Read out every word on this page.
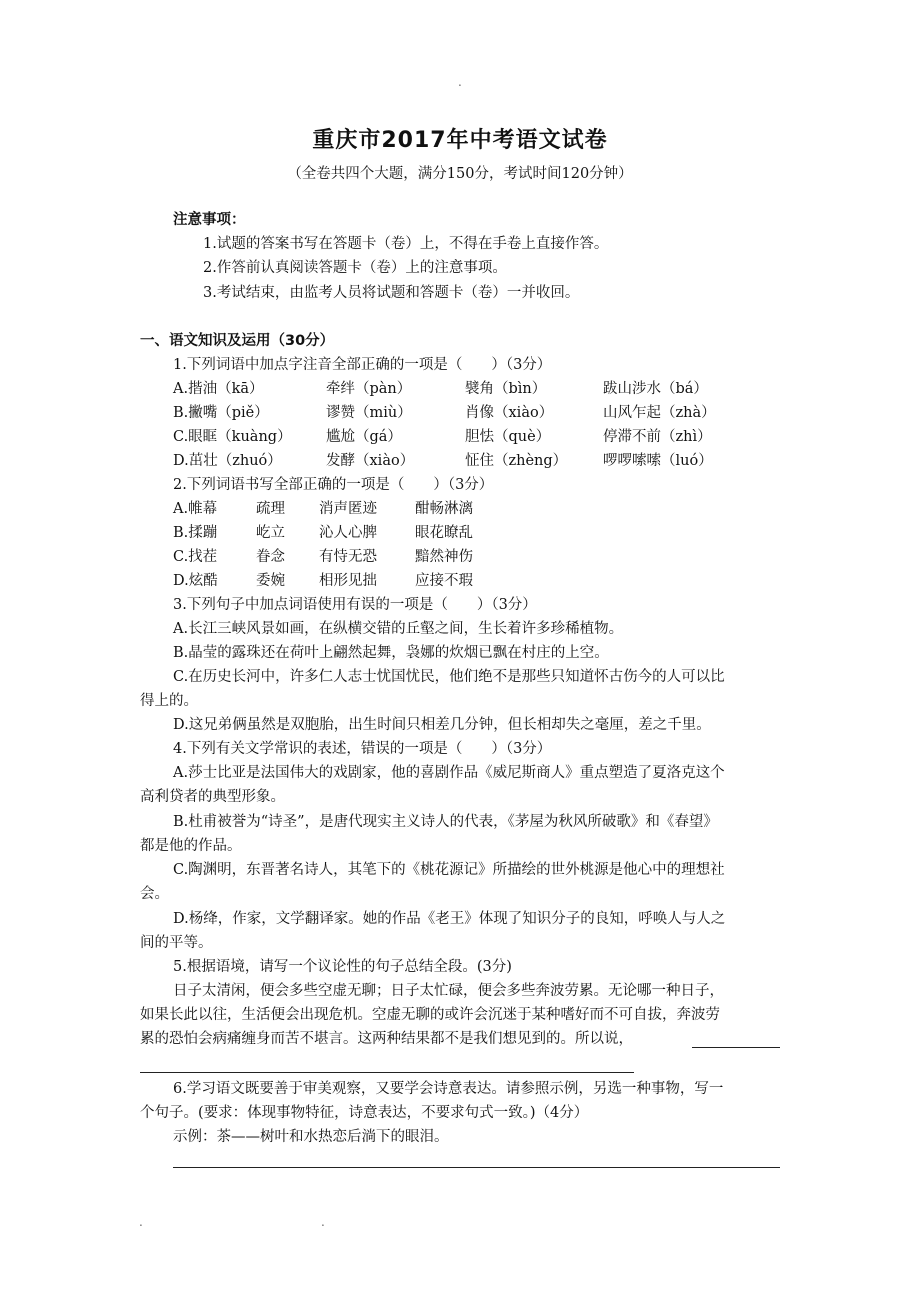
.
重庆市2017年中考语文试卷
（全卷共四个大题，满分150分，考试时间120分钟）
注意事项：
1.试题的答案书写在答题卡（卷）上，不得在手卷上直接作答。
2.作答前认真阅读答题卡（卷）上的注意事项。
3.考试结束，由监考人员将试题和答题卡（卷）一并收回。
一、语文知识及运用（30分）
1.下列词语中加点字注音全部正确的一项是（　　）（3分）
A.揩油（kā）	牵绊（pàn）	襞角（bìn）	跋山涉水（bá）
B.撇嘴（piě）	谬赞（miù）	肖像（xiào）	山风乍起（zhà）
C.眼眶（kuàng） 尴尬（gá）	胆怯（què）	停滞不前（zhì）
D.茁壮（zhuó）	发酵（xiào）	怔住（zhèng） 啰啰嗦嗦（luó）
2.下列词语书写全部正确的一项是（　　）（3分）
A.帷幕	疏理 消声匿迹	酣畅淋漓
B.揉蹦	屹立 沁人心脾	眼花瞭乱
C.找茬	眷念 有恃无恐	黯然神伤
D.炫酷	委婉 相形见拙	应接不瑕
3.下列句子中加点词语使用有误的一项是（　　）（3分）
A.长江三峡风景如画，在纵横交错的丘壑之间，生长着许多珍稀植物。
B.晶莹的露珠还在荷叶上翩然起舞，袅娜的炊烟已飘在村庄的上空。
C.在历史长河中，许多仁人志士忧国忧民，他们绝不是那些只知道怀古伤今的人可以比
得上的。
D.这兄弟俩虽然是双胞胎，出生时间只相差几分钟，但长相却失之毫厘，差之千里。
4.下列有关文学常识的表述，错误的一项是（　　）（3分）
A.莎士比亚是法国伟大的戏剧家，他的喜剧作品《威尼斯商人》重点塑造了夏洛克这个
高利贷者的典型形象。
B.杜甫被誉为“诗圣”，是唐代现实主义诗人的代表，《茅屋为秋风所破歌》和《春望》
都是他的作品。
C.陶渊明，东晋著名诗人，其笔下的《桃花源记》所描绘的世外桃源是他心中的理想社
会。
D.杨绛，作家，文学翻译家。她的作品《老王》体现了知识分子的良知，呼唤人与人之
间的平等。
5.根据语境，请写一个议论性的句子总结全段。(3分)
日子太清闲，便会多些空虚无聊；日子太忙碌，便会多些奔波劳累。无论哪一种日子，
如果长此以往，生活便会出现危机。空虚无聊的或许会沉迷于某种嗜好而不可自拔，奔波劳
累的恐怕会病痛缠身而苦不堪言。这两种结果都不是我们想见到的。所以说，
6.学习语文既要善于审美观察，又要学会诗意表达。请参照示例，另选一种事物，写一
个句子。(要求：体现事物特征，诗意表达，不要求句式一致。)（4分）
示例：茶——树叶和水热恋后淌下的眼泪。
.	.
